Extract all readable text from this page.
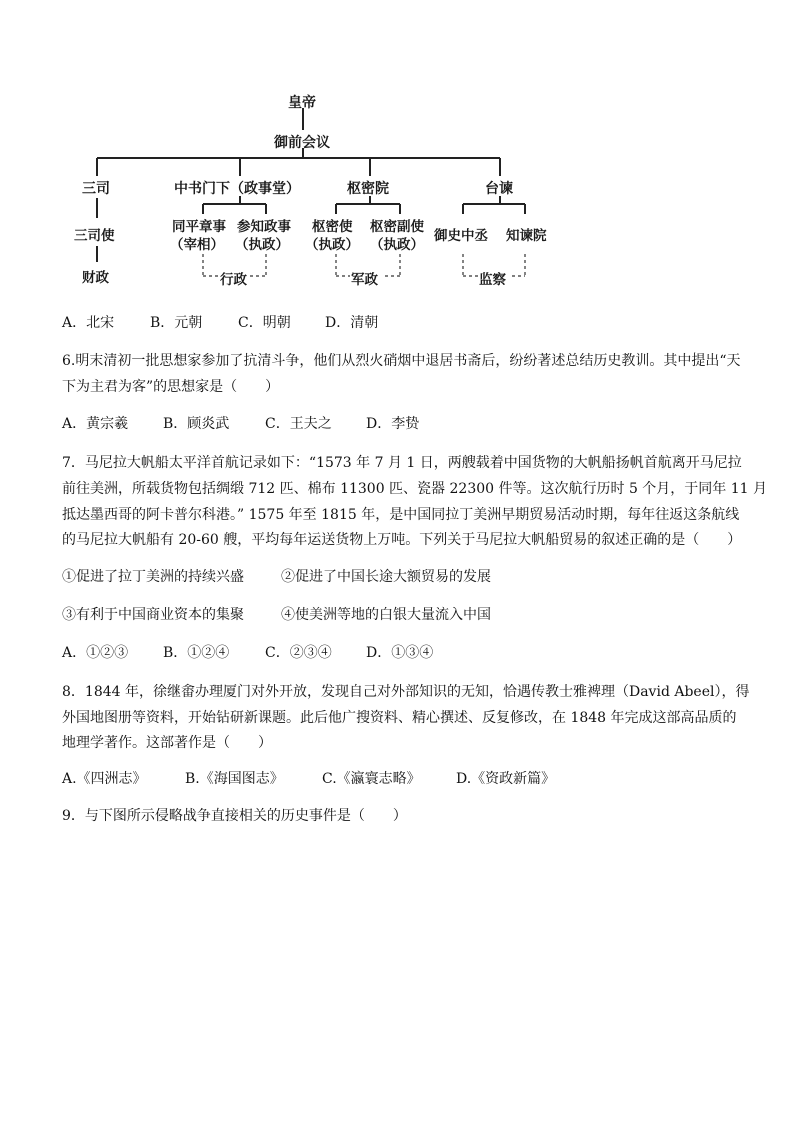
皇帝
御前会议
三司	中书门下（政事堂）	枢密院	台谏
三司使
同平章事
（宰相）
参知政事
（执政）
枢密使
（执政）
枢密副使
（执政）
御史中丞 知谏院
财政	行政	军政	监察
A．北宋	B．元朝	C．明朝 D．清朝
6.明末清初一批思想家参加了抗清斗争，他们从烈火硝烟中退居书斋后，纷纷著述总结历史教训。其中提出“天
下为主君为客”的思想家是（　　）
A．黄宗羲 B．顾炎武	C．王夫之 D．李贽
7．马尼拉大帆船太平洋首航记录如下：“1573 年 7 月 1 日，两艘载着中国货物的大帆船扬帆首航离开马尼拉
前往美洲，所载货物包括绸缎 712 匹、棉布 11300 匹、瓷器 22300 件等。这次航行历时 5 个月，于同年 11 月
抵达墨西哥的阿卡普尔科港。” 1575 年至 1815 年，是中国同拉丁美洲早期贸易活动时期，每年往返这条航线
的马尼拉大帆船有 20-60 艘，平均每年运送货物上万吨。下列关于马尼拉大帆船贸易的叙述正确的是（　　）
①促进了拉丁美洲的持续兴盛	②促进了中国长途大额贸易的发展
③有利于中国商业资本的集聚	④使美洲等地的白银大量流入中国
A．①②③ B．①②④	C．②③④ D．①③④
8．1844 年，徐继畬办理厦门对外开放，发现自己对外部知识的无知，恰遇传教士雅裨理（David Abeel），得
外国地图册等资料，开始钻研新课题。此后他广搜资料、精心撰述、反复修改，在 1848 年完成这部高品质的
地理学著作。这部著作是（　　）
A.《四洲志》	B.《海国图志》	C.《瀛寰志略》	D.《资政新篇》
9．与下图所示侵略战争直接相关的历史事件是（　　）
